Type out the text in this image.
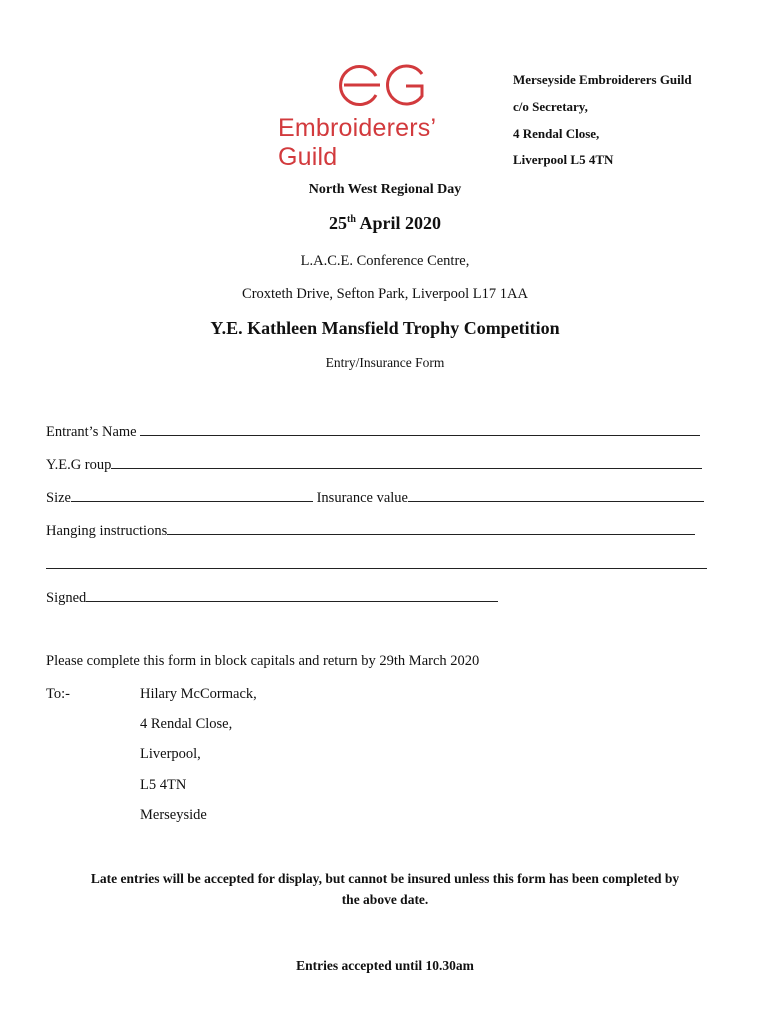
Embroiderers’ Guild
Merseyside Embroiderers Guild
c/o Secretary,
4 Rendal Close,
Liverpool L5 4TN
North West Regional Day
25th April 2020
L.A.C.E. Conference Centre,
Croxteth Drive, Sefton Park, Liverpool L17 1AA
Y.E. Kathleen Mansfield Trophy Competition
Entry/Insurance Form
Entrant’s Name
Y.E.G roup
Size	Insurance value
Hanging instructions
Signed
Please complete this form in block capitals and return by 29th March 2020
To:-	Hilary McCormack,
4 Rendal Close,
Liverpool,
L5 4TN
Merseyside
Late entries will be accepted for display, but cannot be insured unless this form has been completed by
the above date.
Entries accepted until 10.30am
